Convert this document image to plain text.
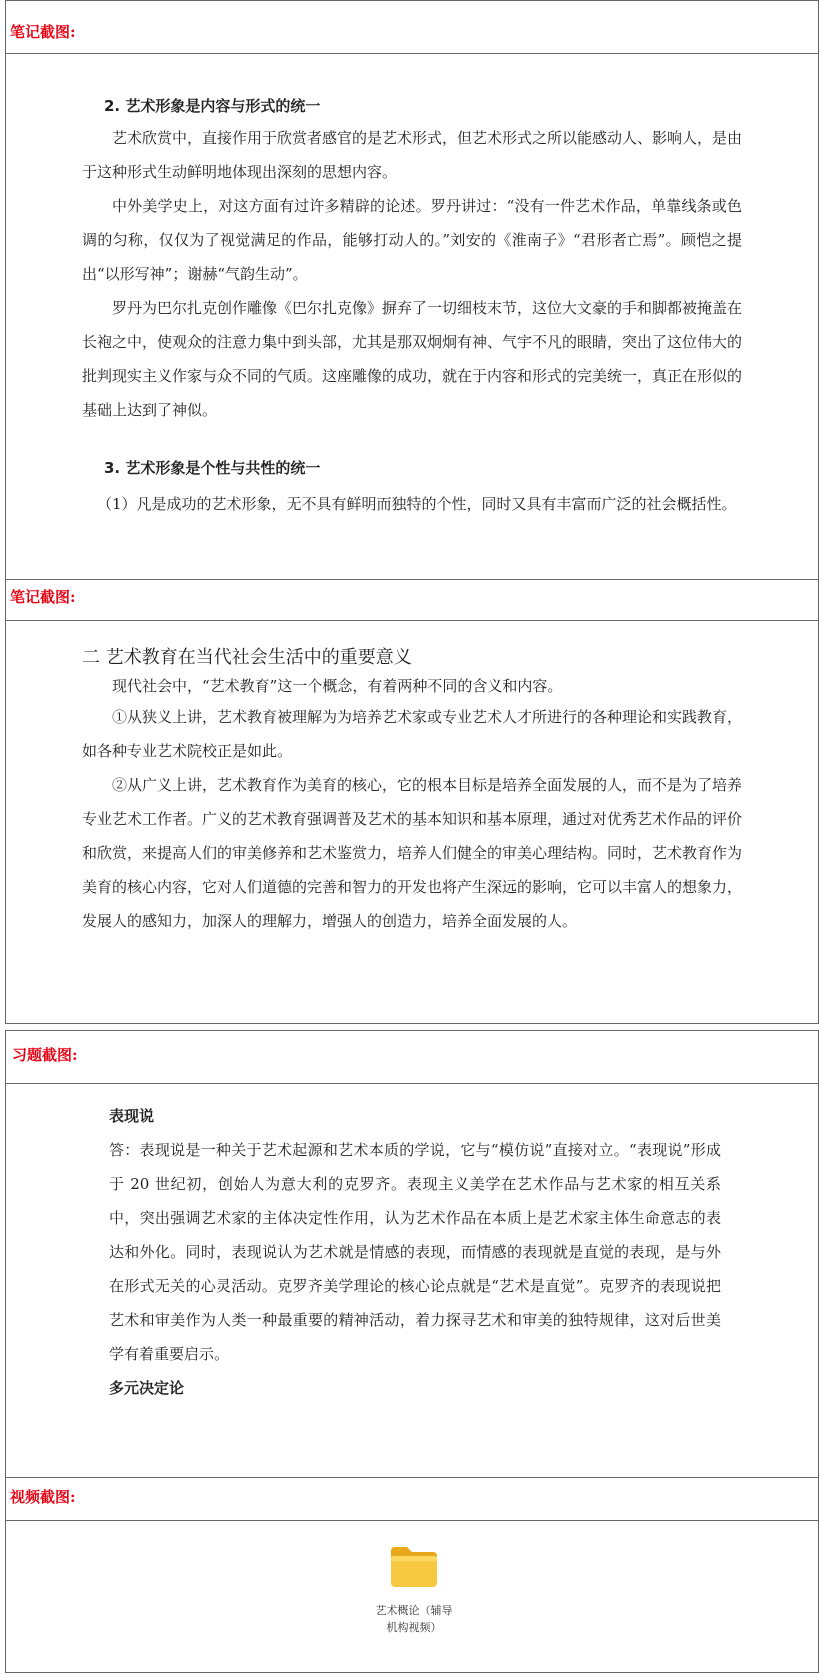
笔记截图:

2. 艺术形象是内容与形式的统一

艺术欣赏中，直接作用于欣赏者感官的是艺术形式，但艺术形式之所以能感动人、影响人，是由于这种形式生动鲜明地体现出深刻的思想内容。

中外美学史上，对这方面有过许多精辟的论述。罗丹讲过：“没有一件艺术作品，单靠线条或色调的匀称，仅仅为了视觉满足的作品，能够打动人的。”刘安的《淮南子》“君形者亡焉”。顾恺之提出“以形写神”；谢赫“气韵生动”。

罗丹为巴尔扎克创作雕像《巴尔扎克像》摒弃了一切细枝末节，这位大文豪的手和脚都被掩盖在长袍之中，使观众的注意力集中到头部，尤其是那双炯炯有神、气宇不凡的眼睛，突出了这位伟大的批判现实主义作家与众不同的气质。这座雕像的成功，就在于内容和形式的完美统一，真正在形似的基础上达到了神似。

3. 艺术形象是个性与共性的统一

（1）凡是成功的艺术形象，无不具有鲜明而独特的个性，同时又具有丰富而广泛的社会概括性。

笔记截图:

二 艺术教育在当代社会生活中的重要意义

现代社会中，“艺术教育”这一个概念，有着两种不同的含义和内容。

①从狭义上讲，艺术教育被理解为为培养艺术家或专业艺术人才所进行的各种理论和实践教育，如各种专业艺术院校正是如此。

②从广义上讲，艺术教育作为美育的核心，它的根本目标是培养全面发展的人，而不是为了培养专业艺术工作者。广义的艺术教育强调普及艺术的基本知识和基本原理，通过对优秀艺术作品的评价和欣赏，来提高人们的审美修养和艺术鉴赏力，培养人们健全的审美心理结构。同时，艺术教育作为美育的核心内容，它对人们道德的完善和智力的开发也将产生深远的影响，它可以丰富人的想象力，发展人的感知力，加深人的理解力，增强人的创造力，培养全面发展的人。

习题截图:

表现说

答：表现说是一种关于艺术起源和艺术本质的学说，它与“模仿说”直接对立。“表现说”形成于 20 世纪初，创始人为意大利的克罗齐。表现主义美学在艺术作品与艺术家的相互关系中，突出强调艺术家的主体决定性作用，认为艺术作品在本质上是艺术家主体生命意志的表达和外化。同时，表现说认为艺术就是情感的表现，而情感的表现就是直觉的表现，是与外在形式无关的心灵活动。克罗齐美学理论的核心论点就是“艺术是直觉”。克罗齐的表现说把艺术和审美作为人类一种最重要的精神活动，着力探寻艺术和审美的独特规律，这对后世美学有着重要启示。

多元决定论

视频截图:
艺术概论（辅导
机构视频）
